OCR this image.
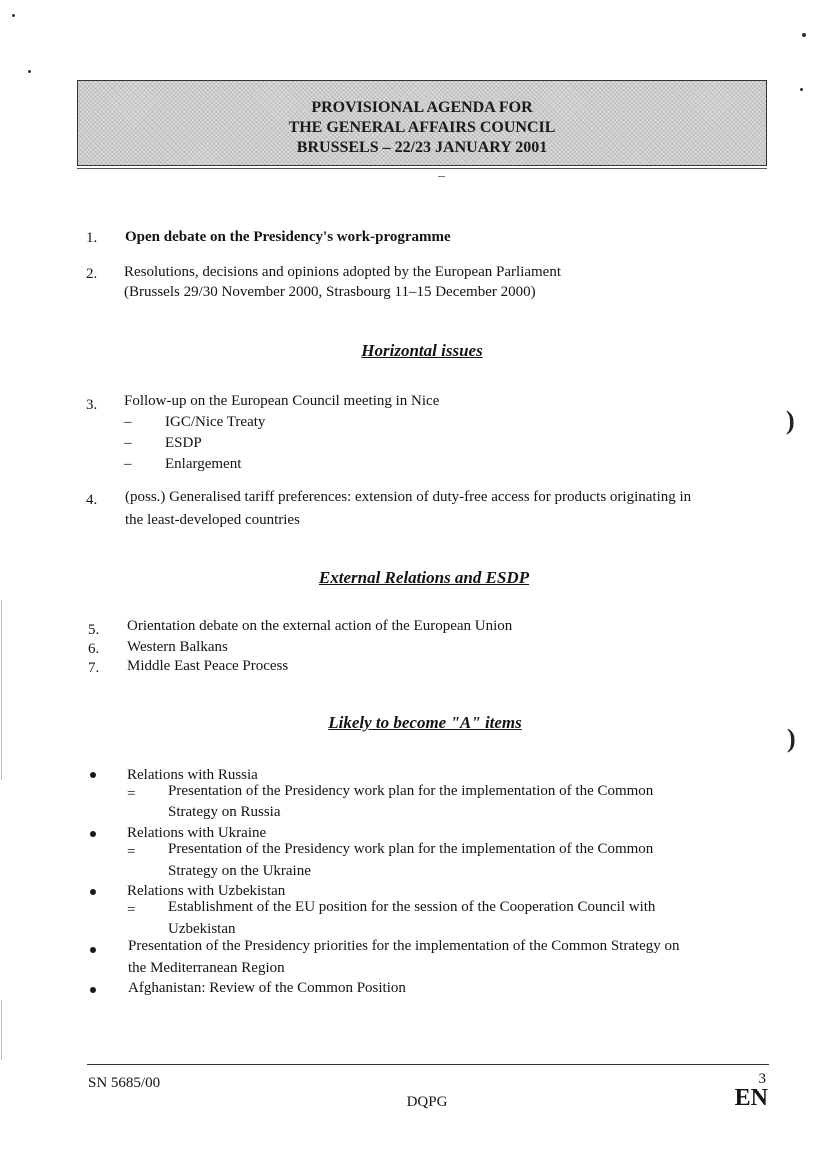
)
)
PROVISIONAL AGENDA FOR
THE GENERAL AFFAIRS COUNCIL
BRUSSELS – 22/23 JANUARY 2001
1.	Open debate on the Presidency's work-programme
2.	Resolutions, decisions and opinions adopted by the European Parliament
(Brussels 29/30 November 2000, Strasbourg 11–15 December 2000)
Horizontal issues
3.	Follow-up on the European Council meeting in Nice
– IGC/Nice Treaty
– ESDP
– Enlargement
4.	(poss.) Generalised tariff preferences: extension of duty-free access for products originating in
the least-developed countries
External Relations and ESDP
5.	Orientation debate on the external action of the European Union
6.	Western Balkans
7.	Middle East Peace Process
Likely to become "A" items
Relations with Russia
= Presentation of the Presidency work plan for the implementation of the Common
Strategy on Russia
Relations with Ukraine
= Presentation of the Presidency work plan for the implementation of the Common
Strategy on the Ukraine
Relations with Uzbekistan
= Establishment of the EU position for the session of the Cooperation Council with
Uzbekistan
Presentation of the Presidency priorities for the implementation of the Common Strategy on
the Mediterranean Region
Afghanistan: Review of the Common Position
SN 5685/00	3
DQPG	EN
